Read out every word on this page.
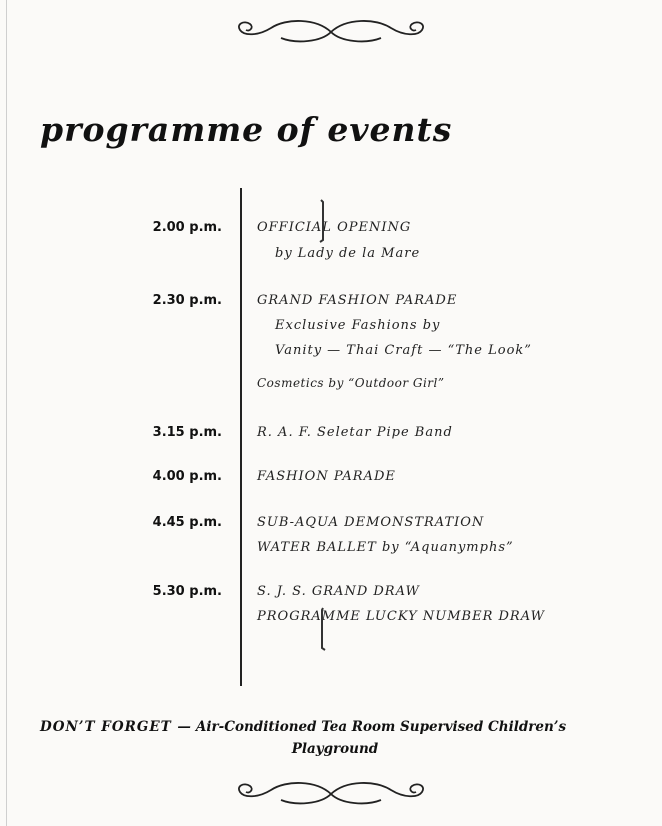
programme of events
2.00 p.m.	OFFICIAL OPENING
by Lady de la Mare
2.30 p.m.	GRAND FASHION PARADE
Exclusive Fashions by
Vanity — Thai Craft — “The Look”
Cosmetics by “Outdoor Girl”
3.15 p.m.	R. A. F. Seletar Pipe Band
4.00 p.m.	FASHION PARADE
4.45 p.m.	SUB-AQUA DEMONSTRATION
WATER BALLET by “Aquanymphs”
5.30 p.m.	S. J. S. GRAND DRAW
PROGRAMME LUCKY NUMBER DRAW
DON’T FORGET — Air-Conditioned Tea Room Supervised Children’s
Playground
